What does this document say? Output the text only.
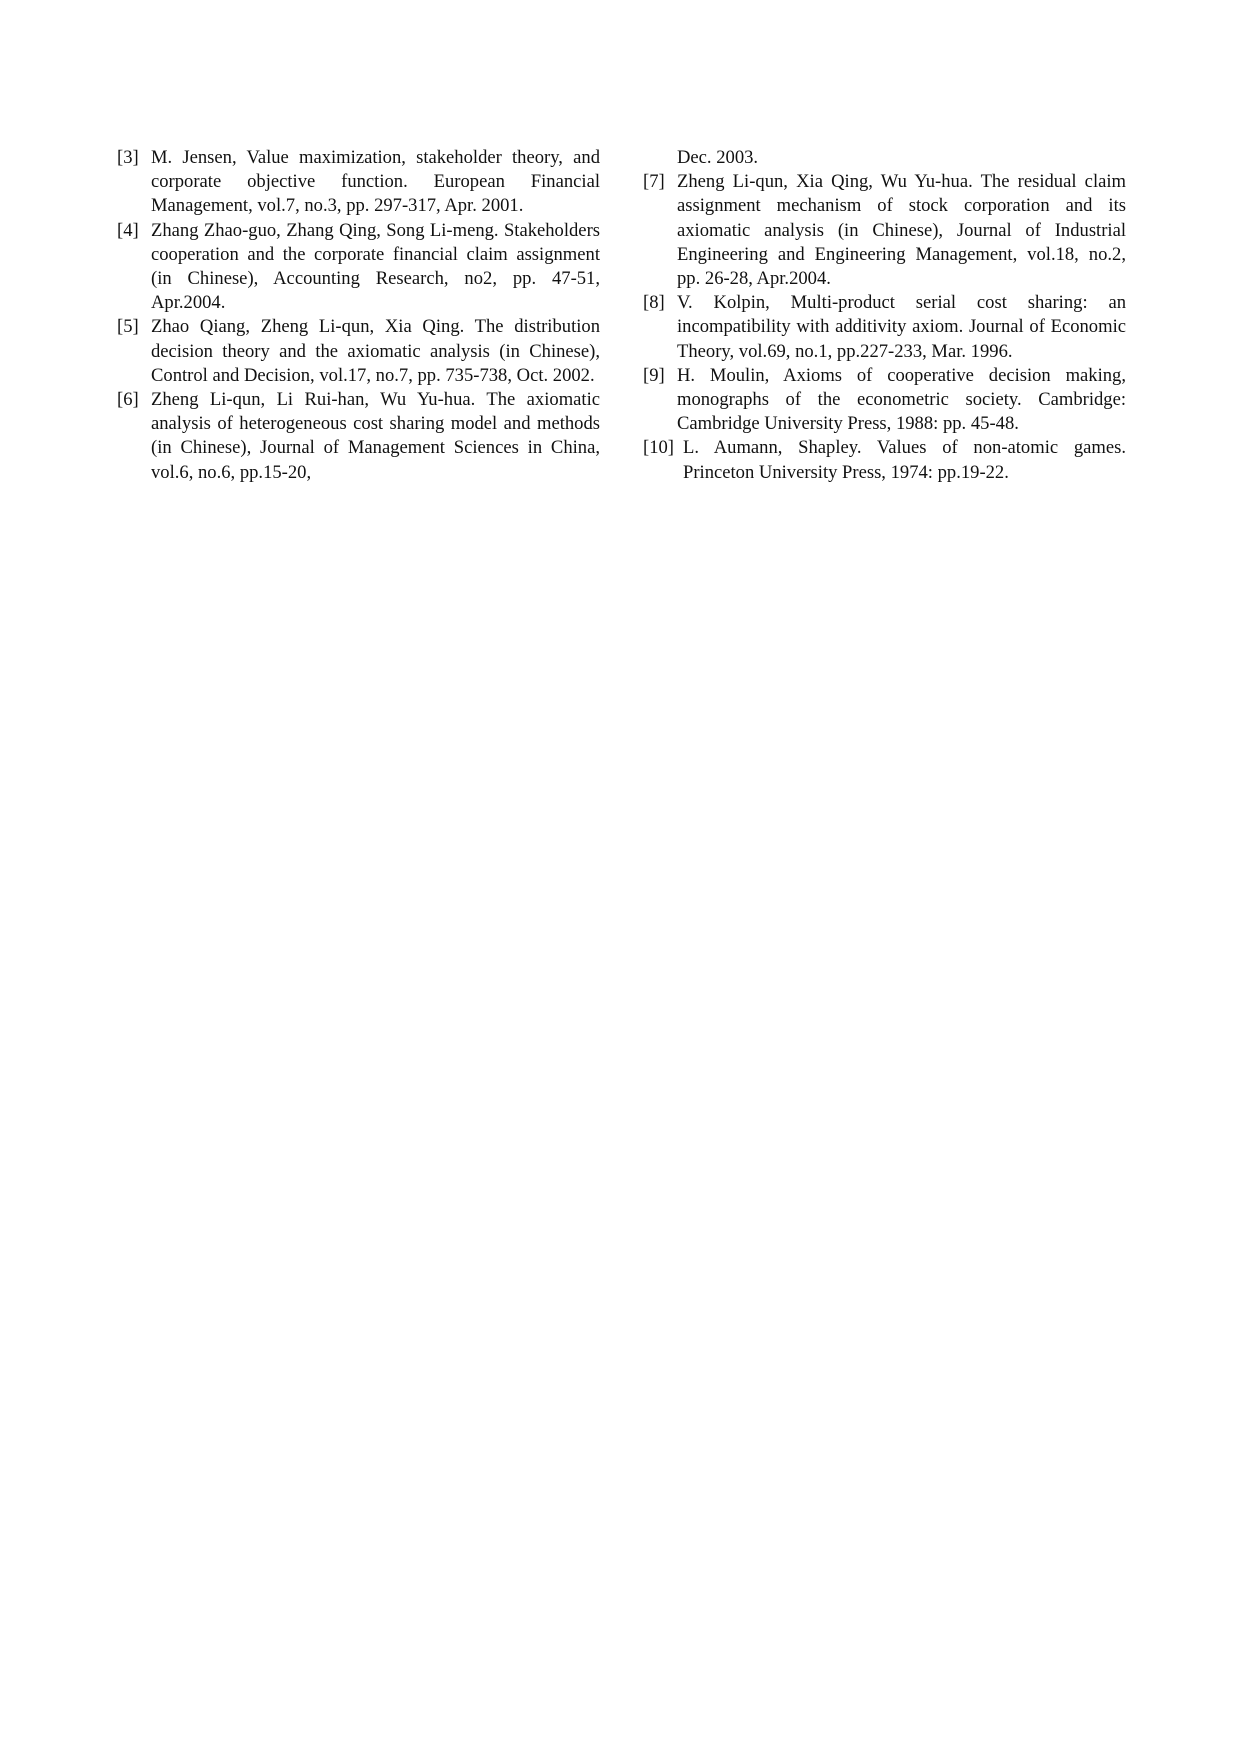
[3] M. Jensen, Value maximization, stakeholder theory, and corporate objective function. European Financial Management, vol.7, no.3, pp. 297-317, Apr. 2001.

[4] Zhang Zhao-guo, Zhang Qing, Song Li-meng. Stakeholders cooperation and the corporate financial claim assignment (in Chinese), Accounting Research, no2, pp. 47-51, Apr.2004.

[5] Zhao Qiang, Zheng Li-qun, Xia Qing. The distribution decision theory and the axiomatic analysis (in Chinese), Control and Decision, vol.17, no.7, pp. 735-738, Oct. 2002.

[6] Zheng Li-qun, Li Rui-han, Wu Yu-hua. The axiomatic analysis of heterogeneous cost sharing model and methods (in Chinese), Journal of Management Sciences in China, vol.6, no.6, pp.15-20,

Dec. 2003.

[7] Zheng Li-qun, Xia Qing, Wu Yu-hua. The residual claim assignment mechanism of stock corporation and its axiomatic analysis (in Chinese), Journal of Industrial Engineering and Engineering Management, vol.18, no.2, pp. 26-28, Apr.2004.

[8] V. Kolpin, Multi-product serial cost sharing: an incompatibility with additivity axiom. Journal of Economic Theory, vol.69, no.1, pp.227-233, Mar. 1996.

[9] H. Moulin, Axioms of cooperative decision making, monographs of the econometric society. Cambridge: Cambridge University Press, 1988: pp. 45-48.

[10] L. Aumann, Shapley. Values of non-atomic games. Princeton University Press, 1974: pp.19-22.
